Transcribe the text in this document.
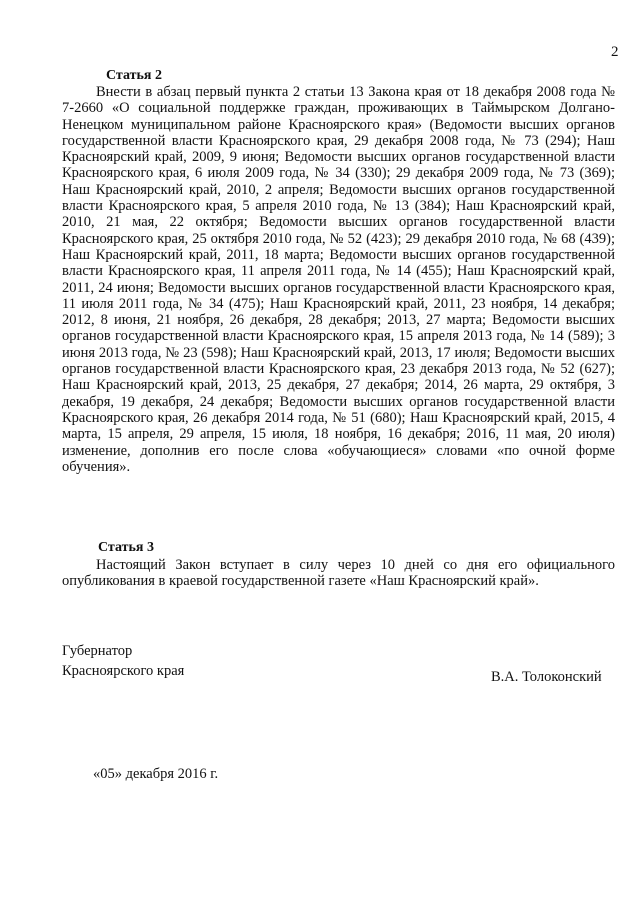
2
Статья 2

Внести в абзац первый пункта 2 статьи 13 Закона края от 18 декабря 2008 года № 7-2660 «О социальной поддержке граждан, проживающих в Таймырском Долгано-Ненецком муниципальном районе Красноярского края» (Ведомости высших органов государственной власти Красноярского края, 29 декабря 2008 года, № 73 (294); Наш Красноярский край, 2009, 9 июня; Ведомости высших органов государственной власти Красноярского края, 6 июля 2009 года, № 34 (330); 29 декабря 2009 года, № 73 (369); Наш Красноярский край, 2010, 2 апреля; Ведомости высших органов государственной власти Красноярского края, 5 апреля 2010 года, № 13 (384); Наш Красноярский край, 2010, 21 мая, 22 октября; Ведомости высших органов государственной власти Красноярского края, 25 октября 2010 года, № 52 (423); 29 декабря 2010 года, № 68 (439); Наш Красноярский край, 2011, 18 марта; Ведомости высших органов государственной власти Красноярского края, 11 апреля 2011 года, № 14 (455); Наш Красноярский край, 2011, 24 июня; Ведомости высших органов государственной власти Красноярского края, 11 июля 2011 года, № 34 (475); Наш Красноярский край, 2011, 23 ноября, 14 декабря; 2012, 8 июня, 21 ноября, 26 декабря, 28 декабря; 2013, 27 марта; Ведомости высших органов государственной власти Красноярского края, 15 апреля 2013 года, № 14 (589); 3 июня 2013 года, № 23 (598); Наш Красноярский край, 2013, 17 июля; Ведомости высших органов государственной власти Красноярского края, 23 декабря 2013 года, № 52 (627); Наш Красноярский край, 2013, 25 декабря, 27 декабря; 2014, 26 марта, 29 октября, 3 декабря, 19 декабря, 24 декабря; Ведомости высших органов государственной власти Красноярского края, 26 декабря 2014 года, № 51 (680); Наш Красноярский край, 2015, 4 марта, 15 апреля, 29 апреля, 15 июля, 18 ноября, 16 декабря; 2016, 11 мая, 20 июля) изменение, дополнив его после слова «обучающиеся» словами «по очной форме обучения».

Статья 3

Настоящий Закон вступает в силу через 10 дней со дня его официального опубликования в краевой государственной газете «Наш Красноярский край».

Губернатор
Красноярского края	В.А. Толоконский
«05» декабря 2016 г.
